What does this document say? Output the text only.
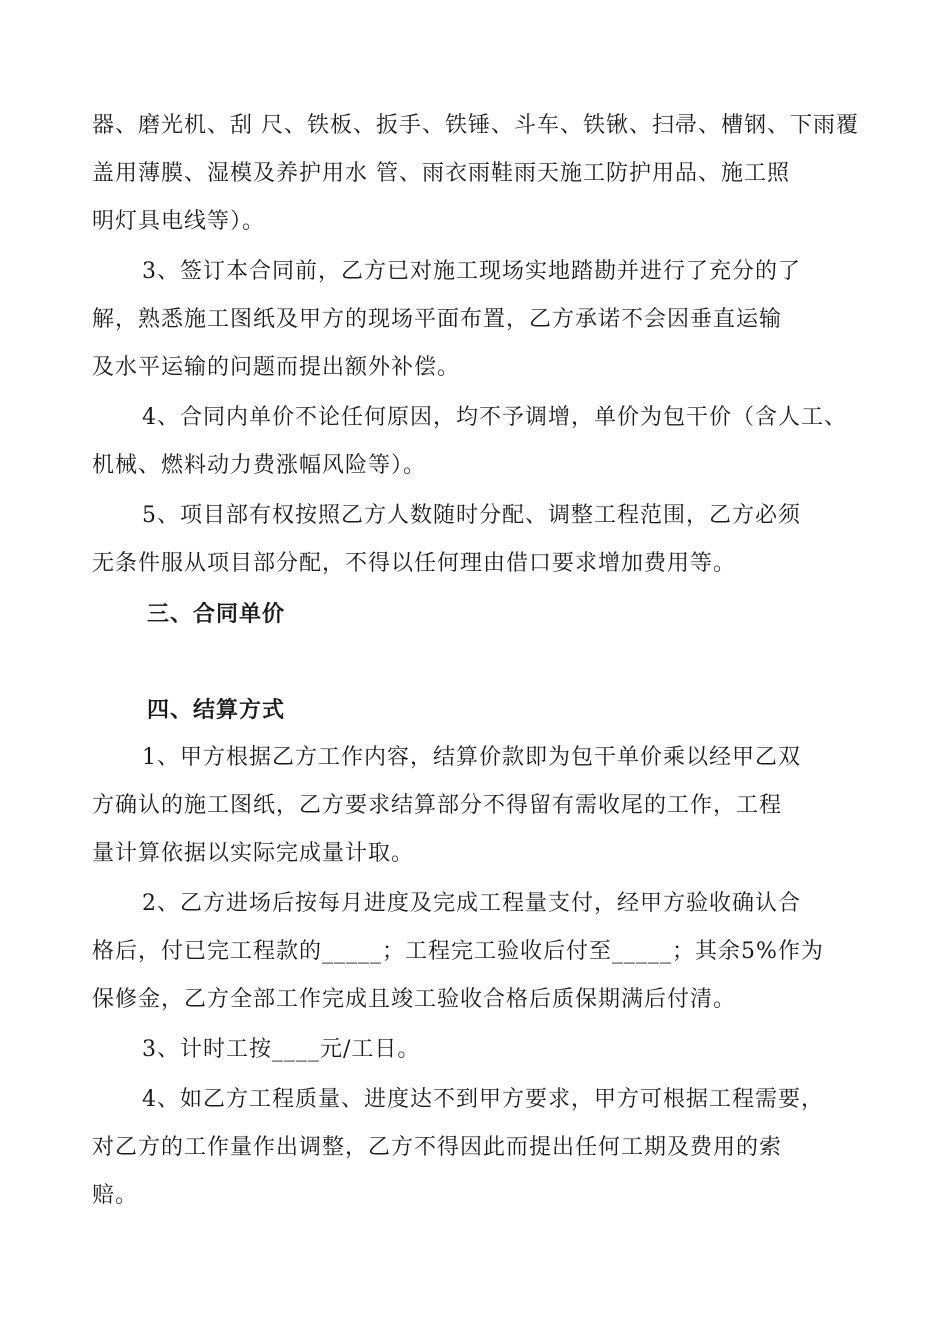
器、磨光机、刮 尺、铁板、扳手、铁锤、斗车、铁锹、扫帚、槽钢、下雨覆
盖用薄膜、湿模及养护用水 管、雨衣雨鞋雨天施工防护用品、施工照
明灯具电线等）。
3、签订本合同前，乙方已对施工现场实地踏勘并进行了充分的了
解，熟悉施工图纸及甲方的现场平面布置，乙方承诺不会因垂直运输
及水平运输的问题而提出额外补偿。
4、合同内单价不论任何原因，均不予调增，单价为包干价（含人工、
机械、燃料动力费涨幅风险等）。
5、项目部有权按照乙方人数随时分配、调整工程范围，乙方必须
无条件服从项目部分配，不得以任何理由借口要求增加费用等。
三、合同单价
四、结算方式
1、甲方根据乙方工作内容，结算价款即为包干单价乘以经甲乙双
方确认的施工图纸，乙方要求结算部分不得留有需收尾的工作，工程
量计算依据以实际完成量计取。
2、乙方进场后按每月进度及完成工程量支付，经甲方验收确认合
格后，付已完工程款的_____；工程完工验收后付至_____；其余5%作为
保修金，乙方全部工作完成且竣工验收合格后质保期满后付清。
3、计时工按____元/工日。
4、如乙方工程质量、进度达不到甲方要求，甲方可根据工程需要，
对乙方的工作量作出调整，乙方不得因此而提出任何工期及费用的索
赔。
